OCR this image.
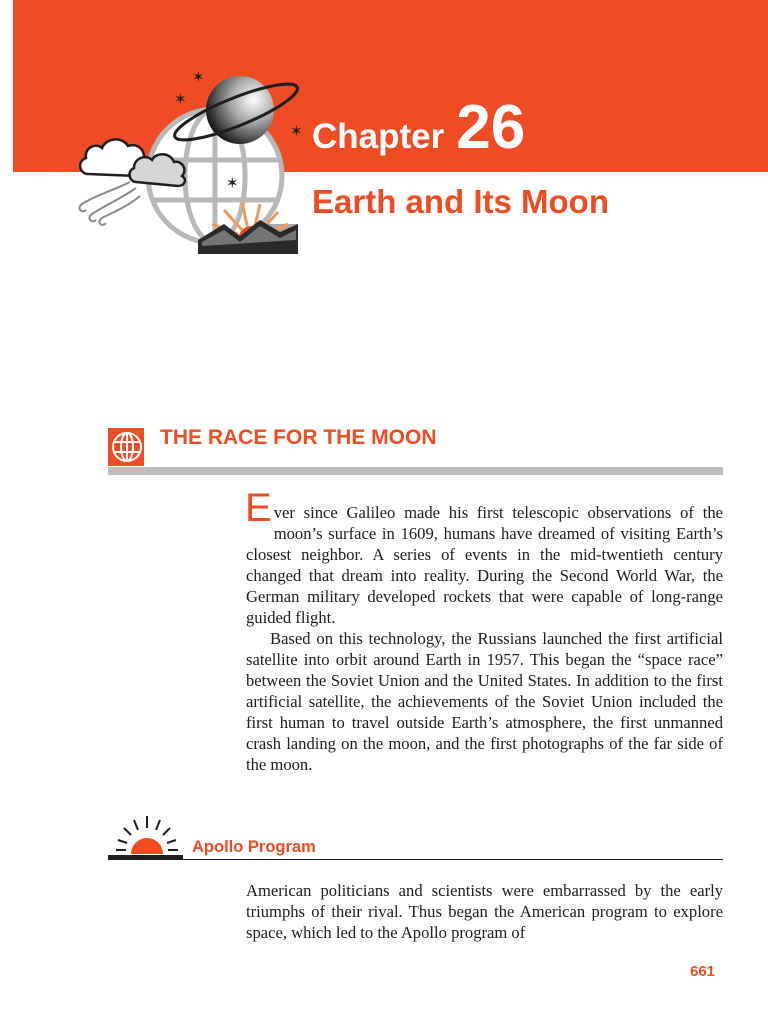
✶
✶
✶
✶
Chapter 26
Earth and Its Moon
THE RACE FOR THE MOON

Ever since Galileo made his first telescopic observations of the moon’s surface in 1609, humans have dreamed of visiting Earth’s closest neighbor. A series of events in the mid-twentieth century changed that dream into reality. During the Second World War, the German military developed rockets that were capable of long-range guided flight.

Based on this technology, the Russians launched the first artificial satellite into orbit around Earth in 1957. This began the “space race” between the Soviet Union and the United States. In addition to the first artificial satellite, the achievements of the Soviet Union included the first human to travel outside Earth’s atmosphere, the first unmanned crash landing on the moon, and the first photographs of the far side of the moon.

Apollo Program

American politicians and scientists were embarrassed by the early triumphs of their rival. Thus began the American program to explore space, which led to the Apollo program of

661
